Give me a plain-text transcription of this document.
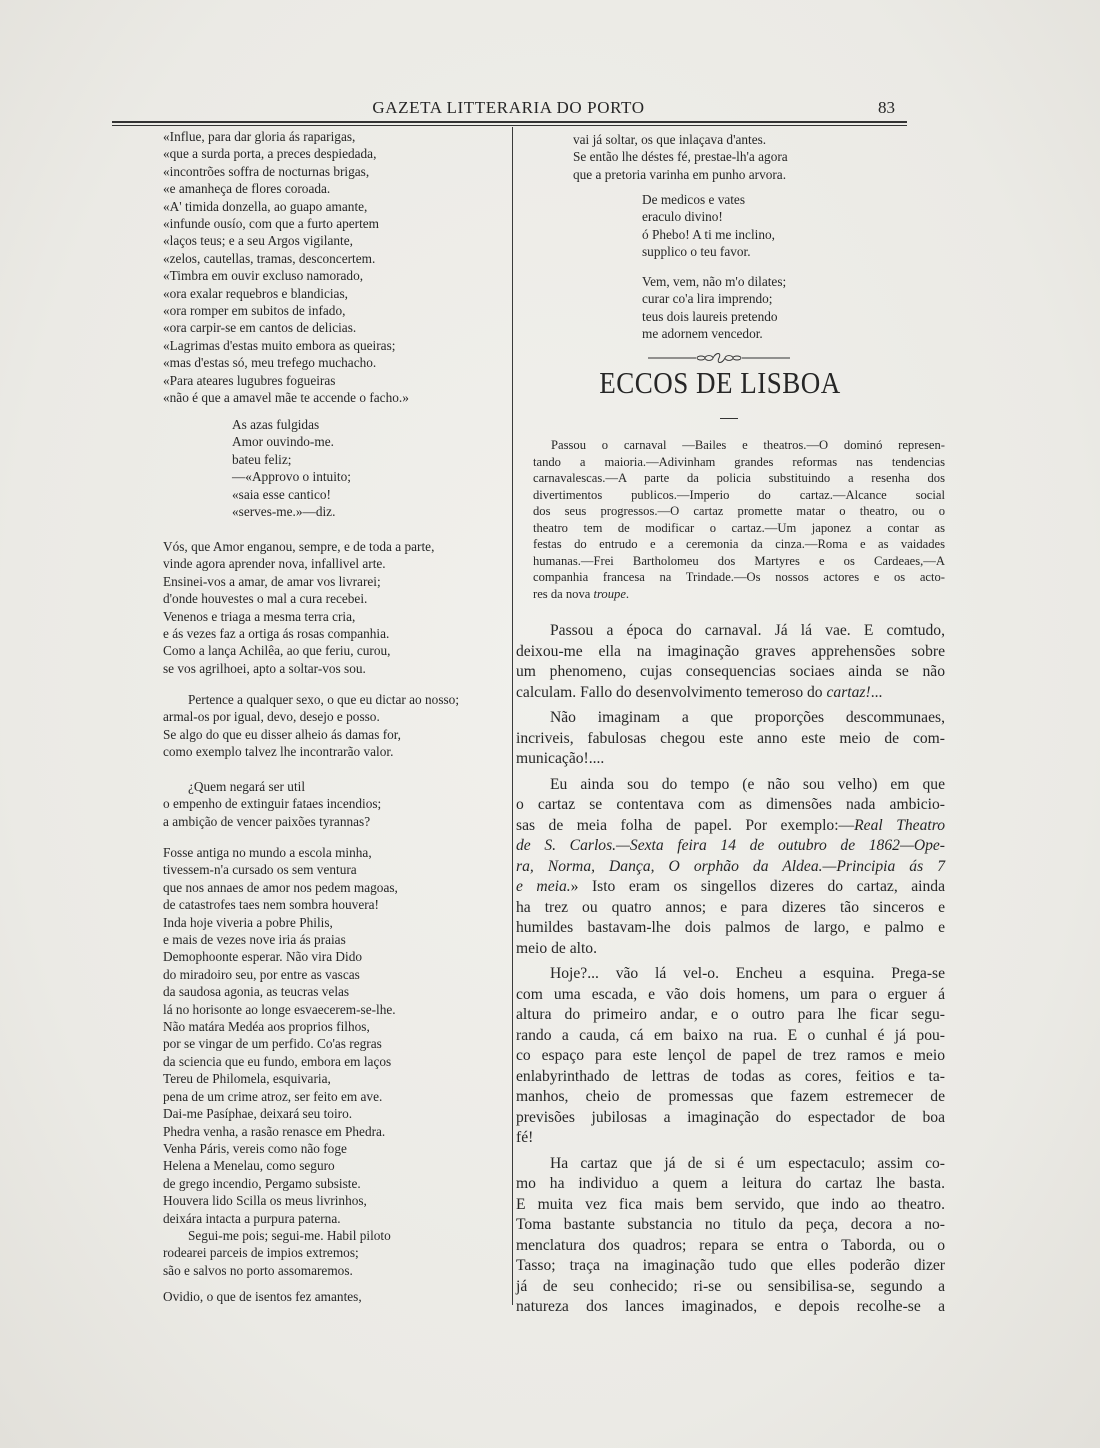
GAZETA LITTERARIA DO PORTO	83
«Influe, para dar gloria ás raparigas,
«que a surda porta, a preces despiedada,
«incontrões soffra de nocturnas brigas,
«e amanheça de flores coroada.
«A' timida donzella, ao guapo amante,
«infunde ousío, com que a furto apertem
«laços teus; e a seu Argos vigilante,
«zelos, cautellas, tramas, desconcertem.
«Timbra em ouvir excluso namorado,
«ora exalar requebros e blandicias,
«ora romper em subitos de infado,
«ora carpir-se em cantos de delicias.
«Lagrimas d'estas muito embora as queiras;
«mas d'estas só, meu trefego muchacho.
«Para ateares lugubres fogueiras
«não é que a amavel mãe te accende o facho.»
As azas fulgidas
Amor ouvindo-me.
bateu feliz;
—«Approvo o intuito;
«saia esse cantico!
«serves-me.»—diz.
Vós, que Amor enganou, sempre, e de toda a parte,
vinde agora aprender nova, infallivel arte.
Ensinei-vos a amar, de amar vos livrarei;
d'onde houvestes o mal a cura recebei.
Venenos e triaga a mesma terra cria,
e ás vezes faz a ortiga ás rosas companhia.
Como a lança Achilêa, ao que feriu, curou,
se vos agrilhoei, apto a soltar-vos sou.
Pertence a qualquer sexo, o que eu dictar ao nosso;
armal-os por igual, devo, desejo e posso.
Se algo do que eu disser alheio ás damas for,
como exemplo talvez lhe incontrarão valor.
¿Quem negará ser util
o empenho de extinguir fataes incendios;
a ambição de vencer paixões tyrannas?
Fosse antiga no mundo a escola minha,
tivessem-n'a cursado os sem ventura
que nos annaes de amor nos pedem magoas,
de catastrofes taes nem sombra houvera!
Inda hoje viveria a pobre Philis,
e mais de vezes nove iria ás praias
Demophoonte esperar. Não vira Dido
do miradoiro seu, por entre as vascas
da saudosa agonia, as teucras velas
lá no horisonte ao longe esvaecerem-se-lhe.
Não matára Medéa aos proprios filhos,
por se vingar de um perfido. Co'as regras
da sciencia que eu fundo, embora em laços
Tereu de Philomela, esquivaria,
pena de um crime atroz, ser feito em ave.
Dai-me Pasíphae, deixará seu toiro.
Phedra venha, a rasão renasce em Phedra.
Venha Páris, vereis como não foge
Helena a Menelau, como seguro
de grego incendio, Pergamo subsiste.
Houvera lido Scilla os meus livrinhos,
deixára intacta a purpura paterna.
Segui-me pois; segui-me. Habil piloto
rodearei parceis de impios extremos;
são e salvos no porto assomaremos.
Ovidio, o que de isentos fez amantes,
vai já soltar, os que inlaçava d'antes.
Se então lhe déstes fé, prestae-lh'a agora
que a pretoria varinha em punho arvora.
De medicos e vates
eraculo divino!
ó Phebo! A ti me inclino,
supplico o teu favor.
Vem, vem, não m'o dilates;
curar co'a lira imprendo;
teus dois laureis pretendo
me adornem vencedor.
ECCOS DE LISBOA
Passou o carnaval —Bailes e theatros.—O dominó represen-
tando a maioria.—Adivinham grandes reformas nas tendencias
carnavalescas.—A parte da policia substituindo a resenha dos
divertimentos publicos.—Imperio do cartaz.—Alcance social
dos seus progressos.—O cartaz promette matar o theatro, ou o
theatro tem de modificar o cartaz.—Um japonez a contar as
festas do entrudo e a ceremonia da cinza.—Roma e as vaidades
humanas.—Frei Bartholomeu dos Martyres e os Cardeaes,—A
companhia francesa na Trindade.—Os nossos actores e os acto-
res da nova troupe.
Passou a época do carnaval. Já lá vae. E comtudo,
deixou-me ella na imaginação graves apprehensões sobre
um phenomeno, cujas consequencias sociaes ainda se não
calculam. Fallo do desenvolvimento temeroso do cartaz!...
Não imaginam a que proporções descommunaes,
incriveis, fabulosas chegou este anno este meio de com-
municação!....
Eu ainda sou do tempo (e não sou velho) em que
o cartaz se contentava com as dimensões nada ambicio-
sas de meia folha de papel. Por exemplo:—Real Theatro
de S. Carlos.—Sexta feira 14 de outubro de 1862—Ope-
ra, Norma, Dança, O orphão da Aldea.—Principia ás 7
e meia.» Isto eram os singellos dizeres do cartaz, ainda
ha trez ou quatro annos; e para dizeres tão sinceros e
humildes bastavam-lhe dois palmos de largo, e palmo e
meio de alto.
Hoje?... vão lá vel-o. Encheu a esquina. Prega-se
com uma escada, e vão dois homens, um para o erguer á
altura do primeiro andar, e o outro para lhe ficar segu-
rando a cauda, cá em baixo na rua. E o cunhal é já pou-
co espaço para este lençol de papel de trez ramos e meio
enlabyrinthado de lettras de todas as cores, feitios e ta-
manhos, cheio de promessas que fazem estremecer de
previsões jubilosas a imaginação do espectador de boa
fé!
Ha cartaz que já de si é um espectaculo; assim co-
mo ha individuo a quem a leitura do cartaz lhe basta.
E muita vez fica mais bem servido, que indo ao theatro.
Toma bastante substancia no titulo da peça, decora a no-
menclatura dos quadros; repara se entra o Taborda, ou o
Tasso; traça na imaginação tudo que elles poderão dizer
já de seu conhecido; ri-se ou sensibilisa-se, segundo a
natureza dos lances imaginados, e depois recolhe-se a
